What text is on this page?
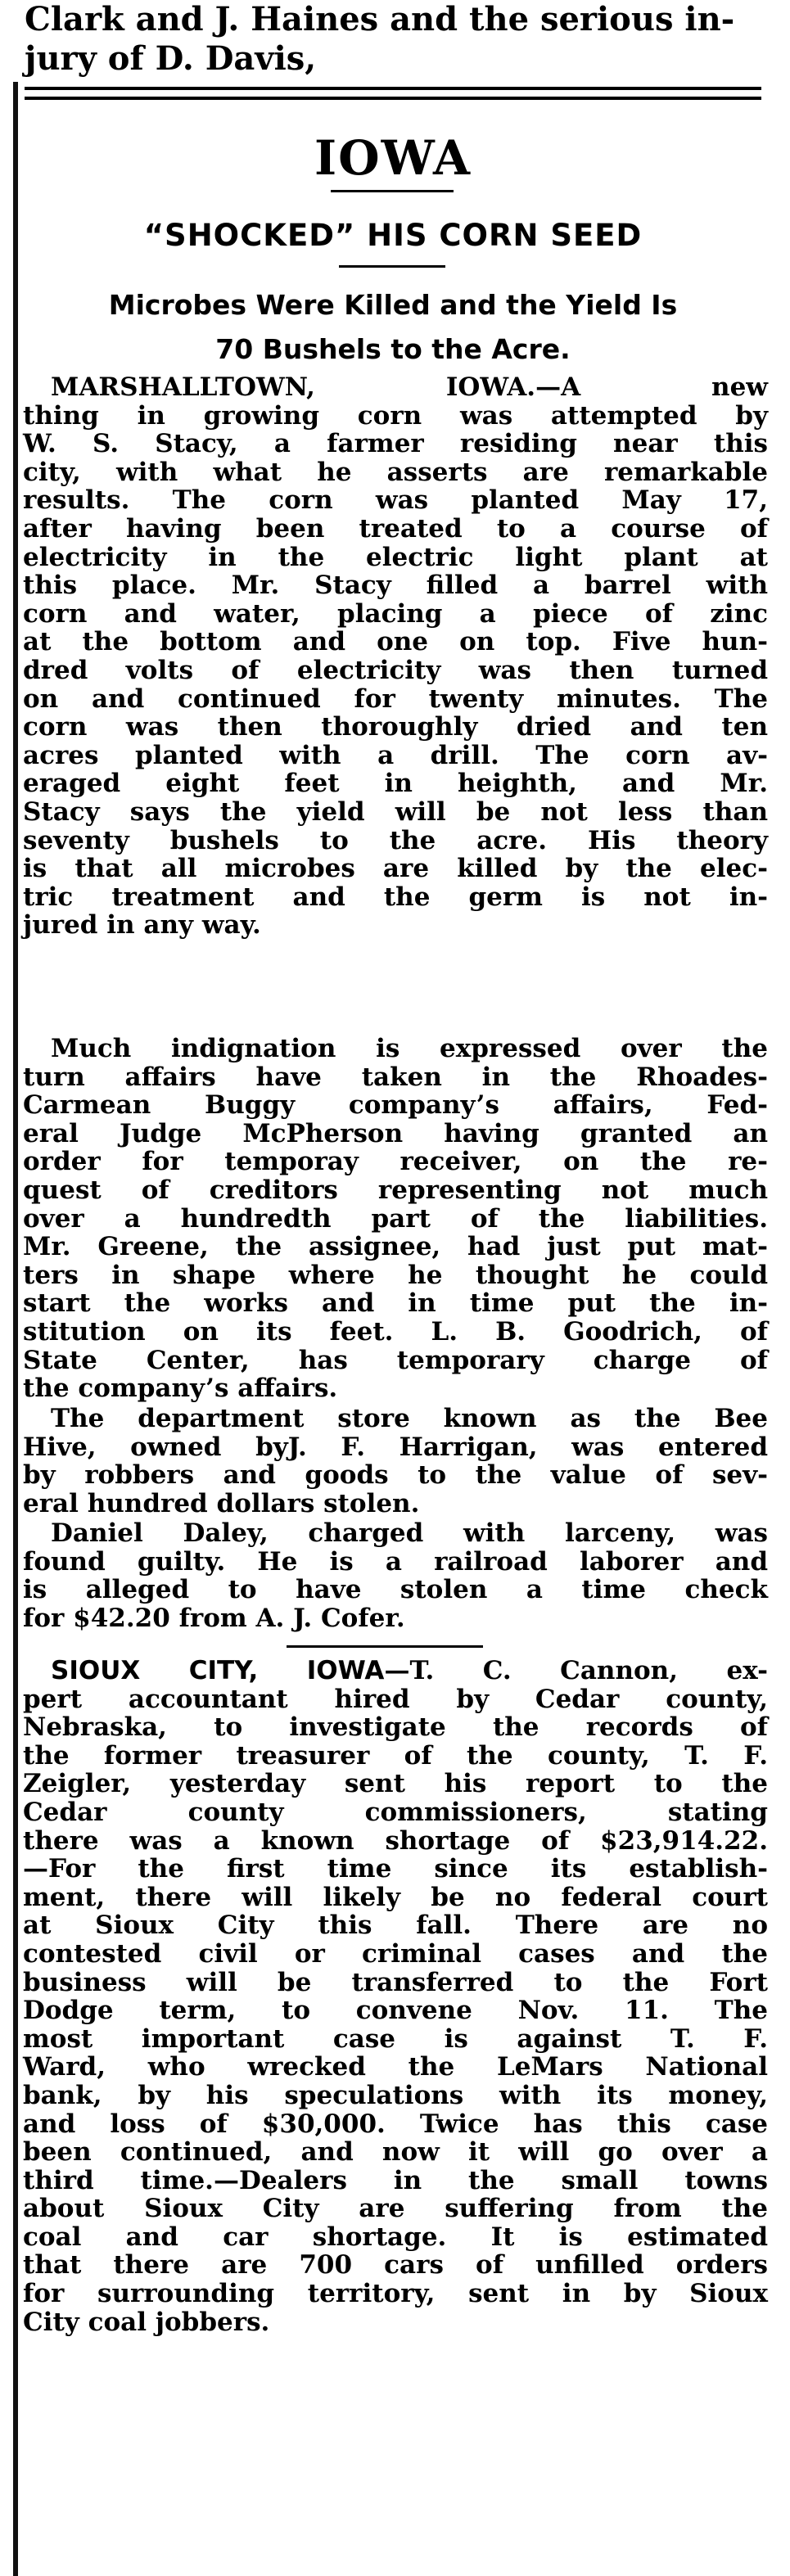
Clark and J. Haines and the serious in-
jury of D. Davis,
IOWA
“SHOCKED” HIS CORN SEED
Microbes Were Killed and the Yield Is
70 Bushels to the Acre.
MARSHALLTOWN, IOWA.—A new
thing in growing corn was attempted by
W. S. Stacy, a farmer residing near this
city, with what he asserts are remarkable
results. The corn was planted May 17,
after having been treated to a course of
electricity in the electric light plant at
this place. Mr. Stacy filled a barrel with
corn and water, placing a piece of zinc
at the bottom and one on top. Five hun-
dred volts of electricity was then turned
on and continued for twenty minutes. The
corn was then thoroughly dried and ten
acres planted with a drill. The corn av-
eraged eight feet in heighth, and Mr.
Stacy says the yield will be not less than
seventy bushels to the acre. His theory
is that all microbes are killed by the elec-
tric treatment and the germ is not in-
jured in any way.
Much indignation is expressed over the
turn affairs have taken in the Rhoades-
Carmean Buggy company’s affairs, Fed-
eral Judge McPherson having granted an
order for temporay receiver, on the re-
quest of creditors representing not much
over a hundredth part of the liabilities.
Mr. Greene, the assignee, had just put mat-
ters in shape where he thought he could
start the works and in time put the in-
stitution on its feet. L. B. Goodrich, of
State Center, has temporary charge of
the company’s affairs.
The department store known as the Bee
Hive, owned byJ. F. Harrigan, was entered
by robbers and goods to the value of sev-
eral hundred dollars stolen.
Daniel Daley, charged with larceny, was
found guilty. He is a railroad laborer and
is alleged to have stolen a time check
for $42.20 from A. J. Cofer.
SIOUX CITY, IOWA—T. C. Cannon, ex-
pert accountant hired by Cedar county,
Nebraska, to investigate the records of
the former treasurer of the county, T. F.
Zeigler, yesterday sent his report to the
Cedar county commissioners, stating
there was a known shortage of $23,914.22.
—For the first time since its establish-
ment, there will likely be no federal court
at Sioux City this fall. There are no
contested civil or criminal cases and the
business will be transferred to the Fort
Dodge term, to convene Nov. 11. The
most important case is against T. F.
Ward, who wrecked the LeMars National
bank, by his speculations with its money,
and loss of $30,000. Twice has this case
been continued, and now it will go over a
third time.—Dealers in the small towns
about Sioux City are suffering from the
coal and car shortage. It is estimated
that there are 700 cars of unfilled orders
for surrounding territory, sent in by Sioux
City coal jobbers.
